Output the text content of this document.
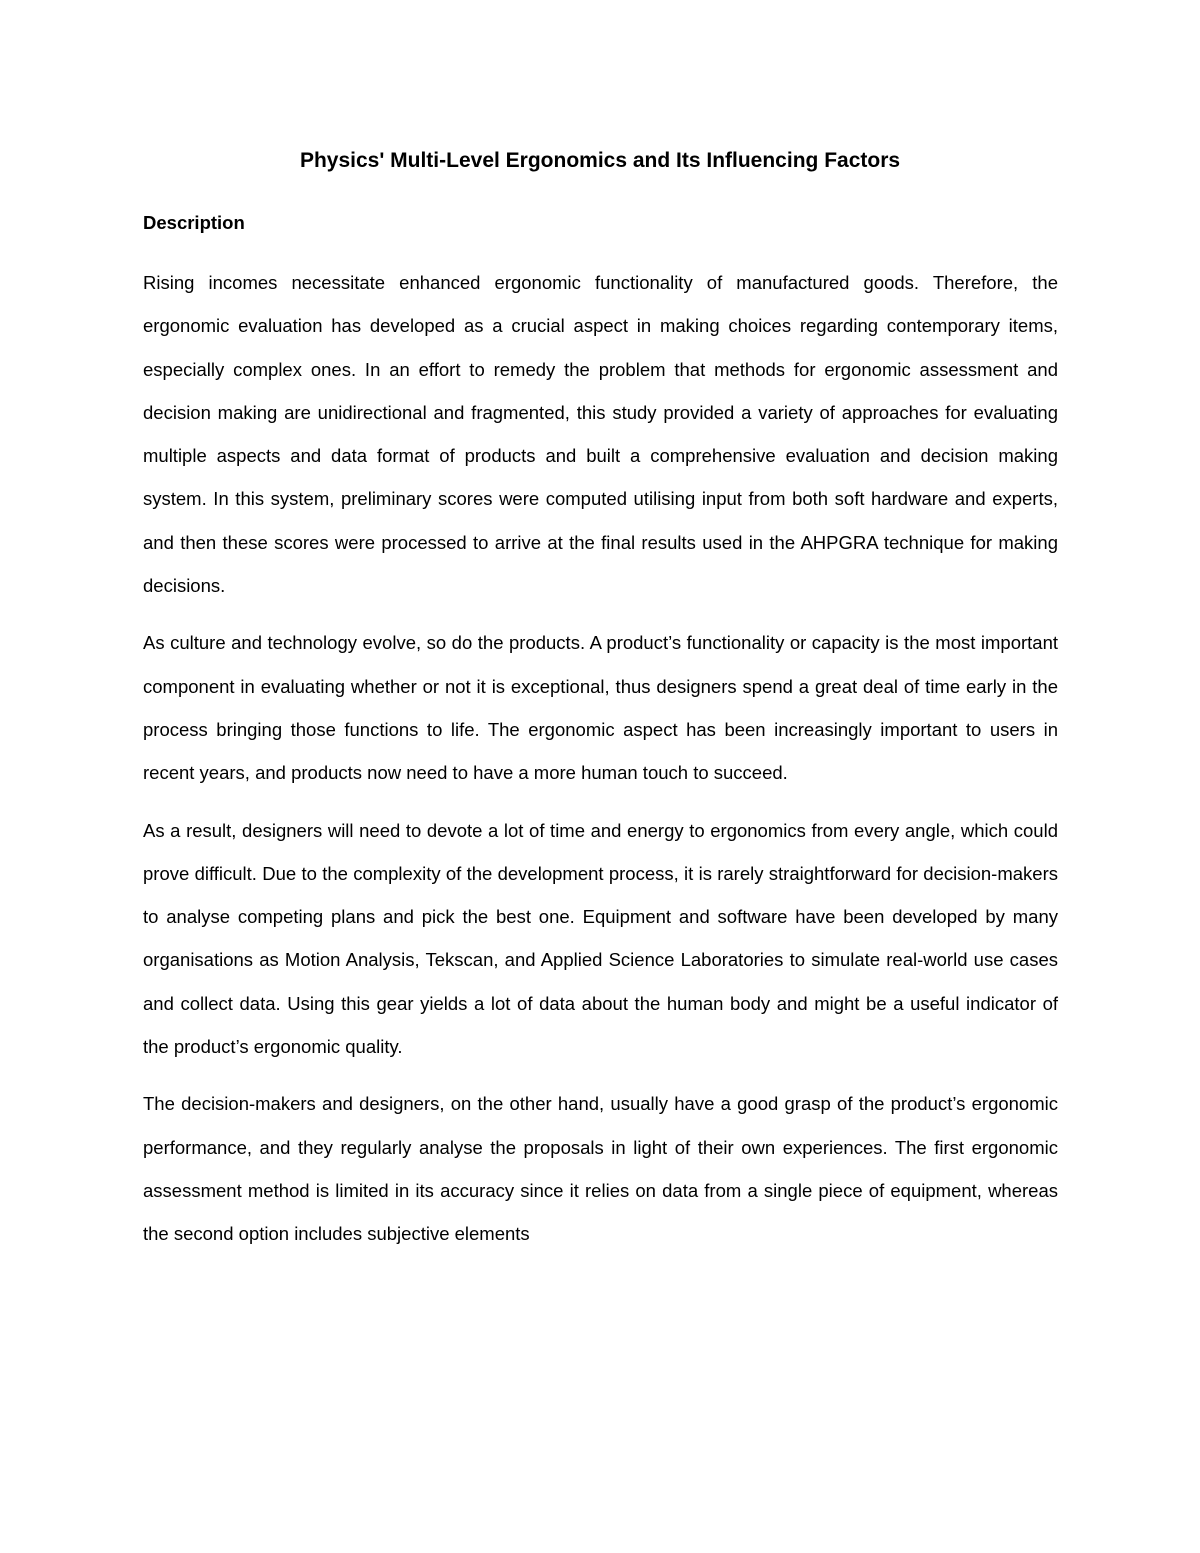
Physics' Multi-Level Ergonomics and Its Influencing Factors
Description

Rising incomes necessitate enhanced ergonomic functionality of manufactured goods. Therefore, the ergonomic evaluation has developed as a crucial aspect in making choices regarding contemporary items, especially complex ones. In an effort to remedy the problem that methods for ergonomic assessment and decision making are unidirectional and fragmented, this study provided a variety of approaches for evaluating multiple aspects and data format of products and built a comprehensive evaluation and decision making system. In this system, preliminary scores were computed utilising input from both soft hardware and experts, and then these scores were processed to arrive at the final results used in the AHPGRA technique for making decisions.

As culture and technology evolve, so do the products. A product’s functionality or capacity is the most important component in evaluating whether or not it is exceptional, thus designers spend a great deal of time early in the process bringing those functions to life. The ergonomic aspect has been increasingly important to users in recent years, and products now need to have a more human touch to succeed.

As a result, designers will need to devote a lot of time and energy to ergonomics from every angle, which could prove difficult. Due to the complexity of the development process, it is rarely straightforward for decision-makers to analyse competing plans and pick the best one. Equipment and software have been developed by many organisations as Motion Analysis, Tekscan, and Applied Science Laboratories to simulate real-world use cases and collect data. Using this gear yields a lot of data about the human body and might be a useful indicator of the product’s ergonomic quality.

The decision-makers and designers, on the other hand, usually have a good grasp of the product’s ergonomic performance, and they regularly analyse the proposals in light of their own experiences. The first ergonomic assessment method is limited in its accuracy since it relies on data from a single piece of equipment, whereas the second option includes subjective elements
